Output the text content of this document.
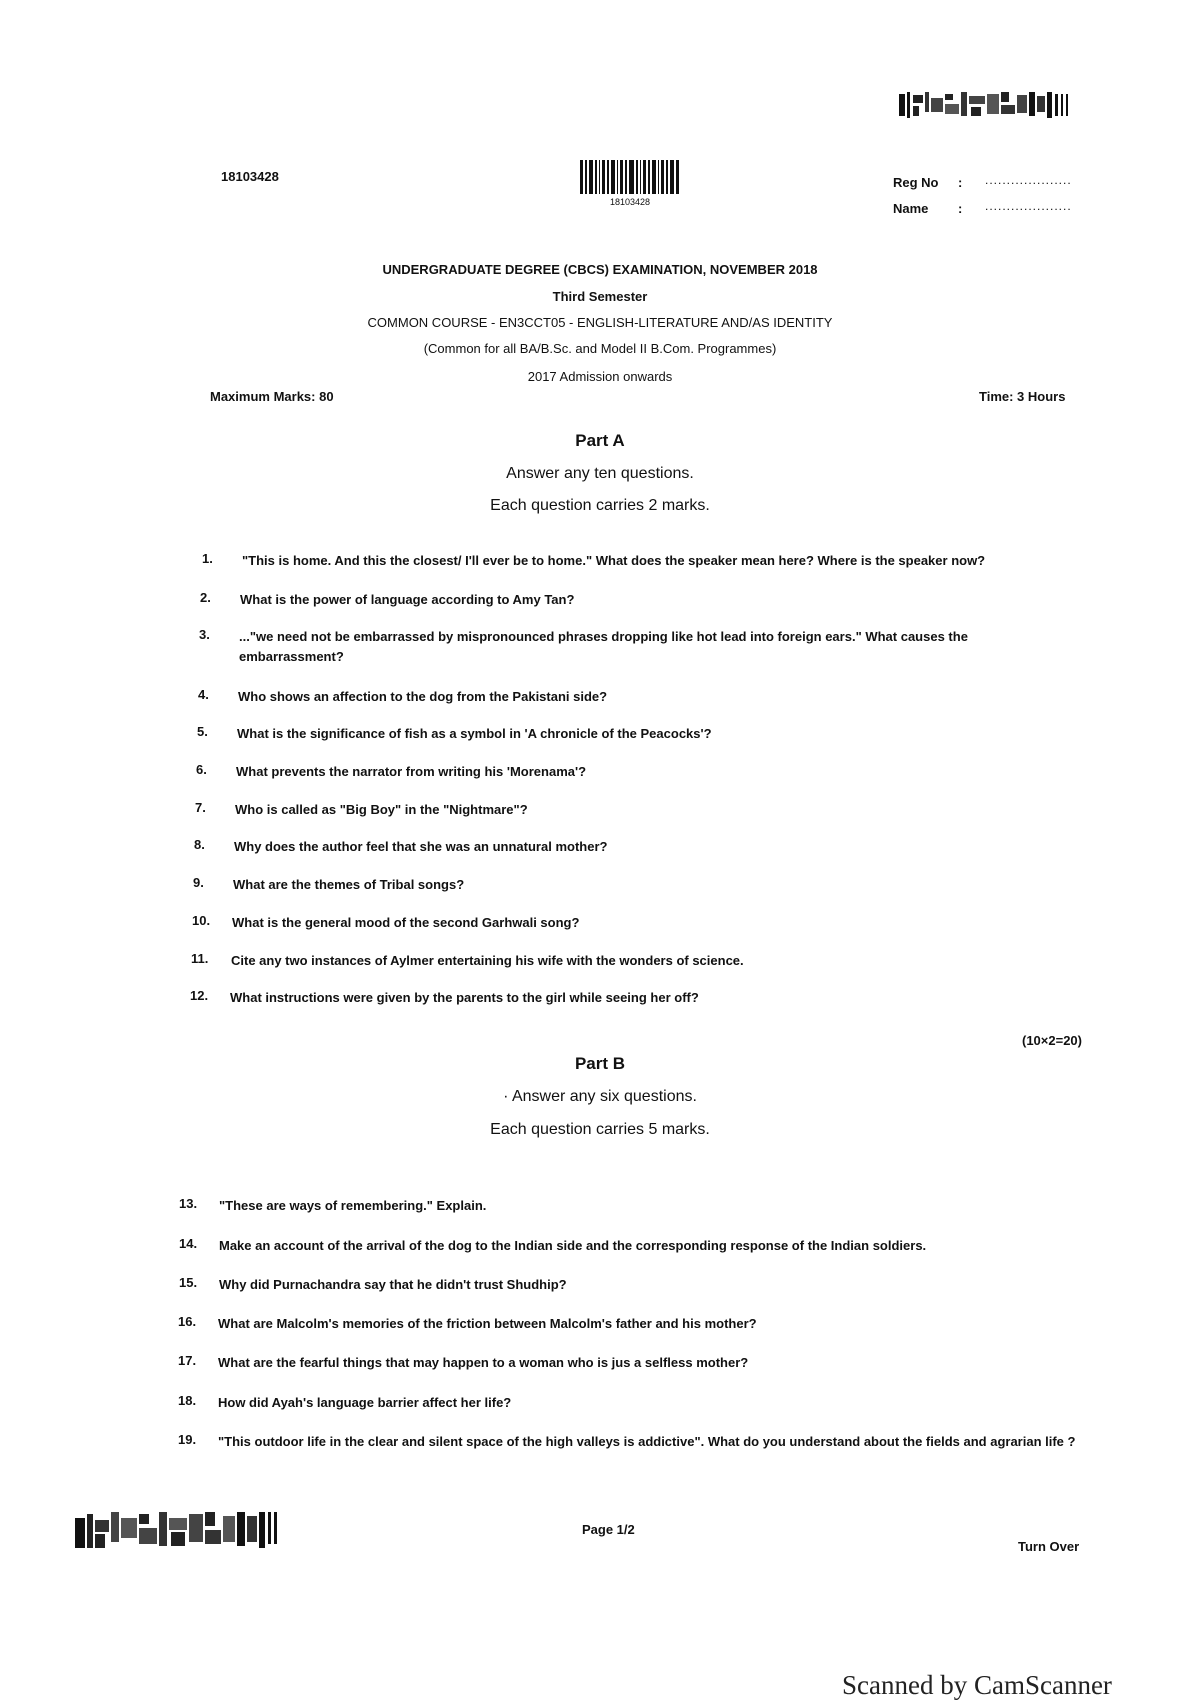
18103428
18103428
Reg No : ....................
Name : ....................
UNDERGRADUATE DEGREE (CBCS) EXAMINATION, NOVEMBER 2018
Third Semester
COMMON COURSE - EN3CCT05 - ENGLISH-LITERATURE AND/AS IDENTITY
(Common for all BA/B.Sc. and Model II B.Com. Programmes)
2017 Admission onwards
Maximum Marks: 80	Time: 3 Hours
Part A
Answer any ten questions.
Each question carries 2 marks.
1.	"This is home. And this the closest/ I'll ever be to home." What does the speaker mean here? Where is the speaker now?
2.	What is the power of language according to Amy Tan?
3.	..."we need not be embarrassed by mispronounced phrases dropping like hot lead into foreign ears." What causes the embarrassment?
4.	Who shows an affection to the dog from the Pakistani side?
5.	What is the significance of fish as a symbol in 'A chronicle of the Peacocks'?
6.	What prevents the narrator from writing his 'Morenama'?
7.	Who is called as "Big Boy" in the "Nightmare"?
8.	Why does the author feel that she was an unnatural mother?
9.	What are the themes of Tribal songs?
10.	What is the general mood of the second Garhwali song?
11.	Cite any two instances of Aylmer entertaining his wife with the wonders of science.
12.	What instructions were given by the parents to the girl while seeing her off?
(10×2=20)
Part B
· Answer any six questions.
Each question carries 5 marks.
13.	"These are ways of remembering." Explain.
14.	Make an account of the arrival of the dog to the Indian side and the corresponding response of the Indian soldiers.
15.	Why did Purnachandra say that he didn't trust Shudhip?
16.	What are Malcolm's memories of the friction between Malcolm's father and his mother?
17.	What are the fearful things that may happen to a woman who is jus a selfless mother?
18.	How did Ayah's language barrier affect her life?
19.	"This outdoor life in the clear and silent space of the high valleys is addictive". What do you understand about the fields and agrarian life ?
Page 1/2
Turn Over
Scanned by CamScanner
